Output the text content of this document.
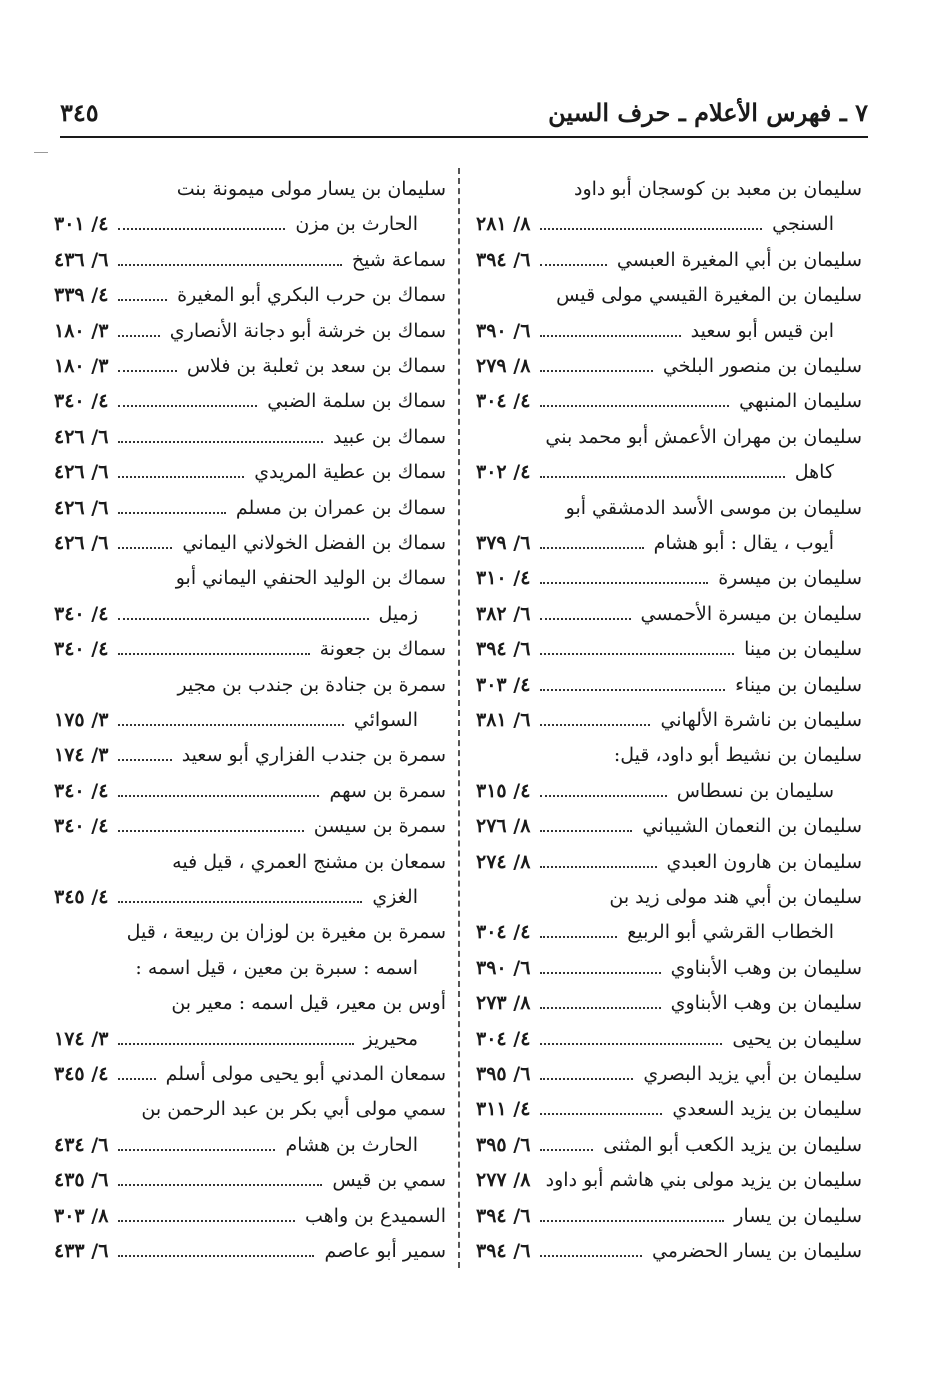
٧ ـ فهرس الأعلام ـ حرف السين
٣٤٥
سليمان بن معبد بن كوسجان أبو داود
السنجي
٨/ ٢٨١
سليمان بن أبي المغيرة العبسي
٦/ ٣٩٤
سليمان بن المغيرة القيسي مولى قيس
ابن قيس أبو سعيد
٦/ ٣٩٠
سليمان بن منصور البلخي
٨/ ٢٧٩
سليمان المنبهي
٤/ ٣٠٤
سليمان بن مهران الأعمش أبو محمد بني
كاهل
٤/ ٣٠٢
سليمان بن موسى الأسد الدمشقي أبو
أيوب ، يقال : أبو هشام
٦/ ٣٧٩
سليمان بن ميسرة
٤/ ٣١٠
سليمان بن ميسرة الأحمسي
٦/ ٣٨٢
سليمان بن مينا
٦/ ٣٩٤
سليمان بن ميناء
٤/ ٣٠٣
سليمان بن ناشرة الألهاني
٦/ ٣٨١
سليمان بن نشيط أبو داود، قيل:
سليمان بن نسطاس
٤/ ٣١٥
سليمان بن النعمان الشيباني
٨/ ٢٧٦
سليمان بن هارون العبدي
٨/ ٢٧٤
سليمان بن أبي هند مولى زيد بن
الخطاب القرشي أبو الربيع
٤/ ٣٠٤
سليمان بن وهب الأبناوي
٦/ ٣٩٠
سليمان بن وهب الأبناوي
٨/ ٢٧٣
سليمان بن يحيى
٤/ ٣٠٤
سليمان بن أبي يزيد البصري
٦/ ٣٩٥
سليمان بن يزيد السعدي
٤/ ٣١١
سليمان بن يزيد الكعب أبو المثنى
٦/ ٣٩٥
سليمان بن يزيد مولى بني هاشم أبو داود
٨/ ٢٧٧
سليمان بن يسار
٦/ ٣٩٤
سليمان بن يسار الحضرمي
٦/ ٣٩٤
سليمان بن يسار مولى ميمونة بنت
الحارث بن مزن
٤/ ٣٠١
سماعة شيخ
٦/ ٤٣٦
سماك بن حرب البكري أبو المغيرة
٤/ ٣٣٩
سماك بن خرشة أبو دجانة الأنصاري
٣/ ١٨٠
سماك بن سعد بن ثعلبة بن فلاس
٣/ ١٨٠
سماك بن سلمة الضبي
٤/ ٣٤٠
سماك بن عبيد
٦/ ٤٢٦
سماك بن عطية المريدي
٦/ ٤٢٦
سماك بن عمران بن مسلم
٦/ ٤٢٦
سماك بن الفضل الخولاني اليماني
٦/ ٤٢٦
سماك بن الوليد الحنفي اليماني أبو
زميل
٤/ ٣٤٠
سماك بن جعونة
٤/ ٣٤٠
سمرة بن جنادة بن جندب بن مجير
السوائي
٣/ ١٧٥
سمرة بن جندب الفزاري أبو سعيد
٣/ ١٧٤
سمرة بن سهم
٤/ ٣٤٠
سمرة بن سيسن
٤/ ٣٤٠
سمعان بن مشنج العمري ، قيل فيه
الغزي
٤/ ٣٤٥
سمرة بن مغيرة بن لوزان بن ربيعة ، قيل
اسمه : سبرة بن معين ، قيل اسمه :
أوس بن معير، قيل اسمه : معير بن
محيريز
٣/ ١٧٤
سمعان المدني أبو يحيى مولى أسلم
٤/ ٣٤٥
سمي مولى أبي بكر بن عبد الرحمن بن
الحارث بن هشام
٦/ ٤٣٤
سمي بن قيس
٦/ ٤٣٥
السميدع بن واهب
٨/ ٣٠٣
سمير أبو عاصم
٦/ ٤٣٣
